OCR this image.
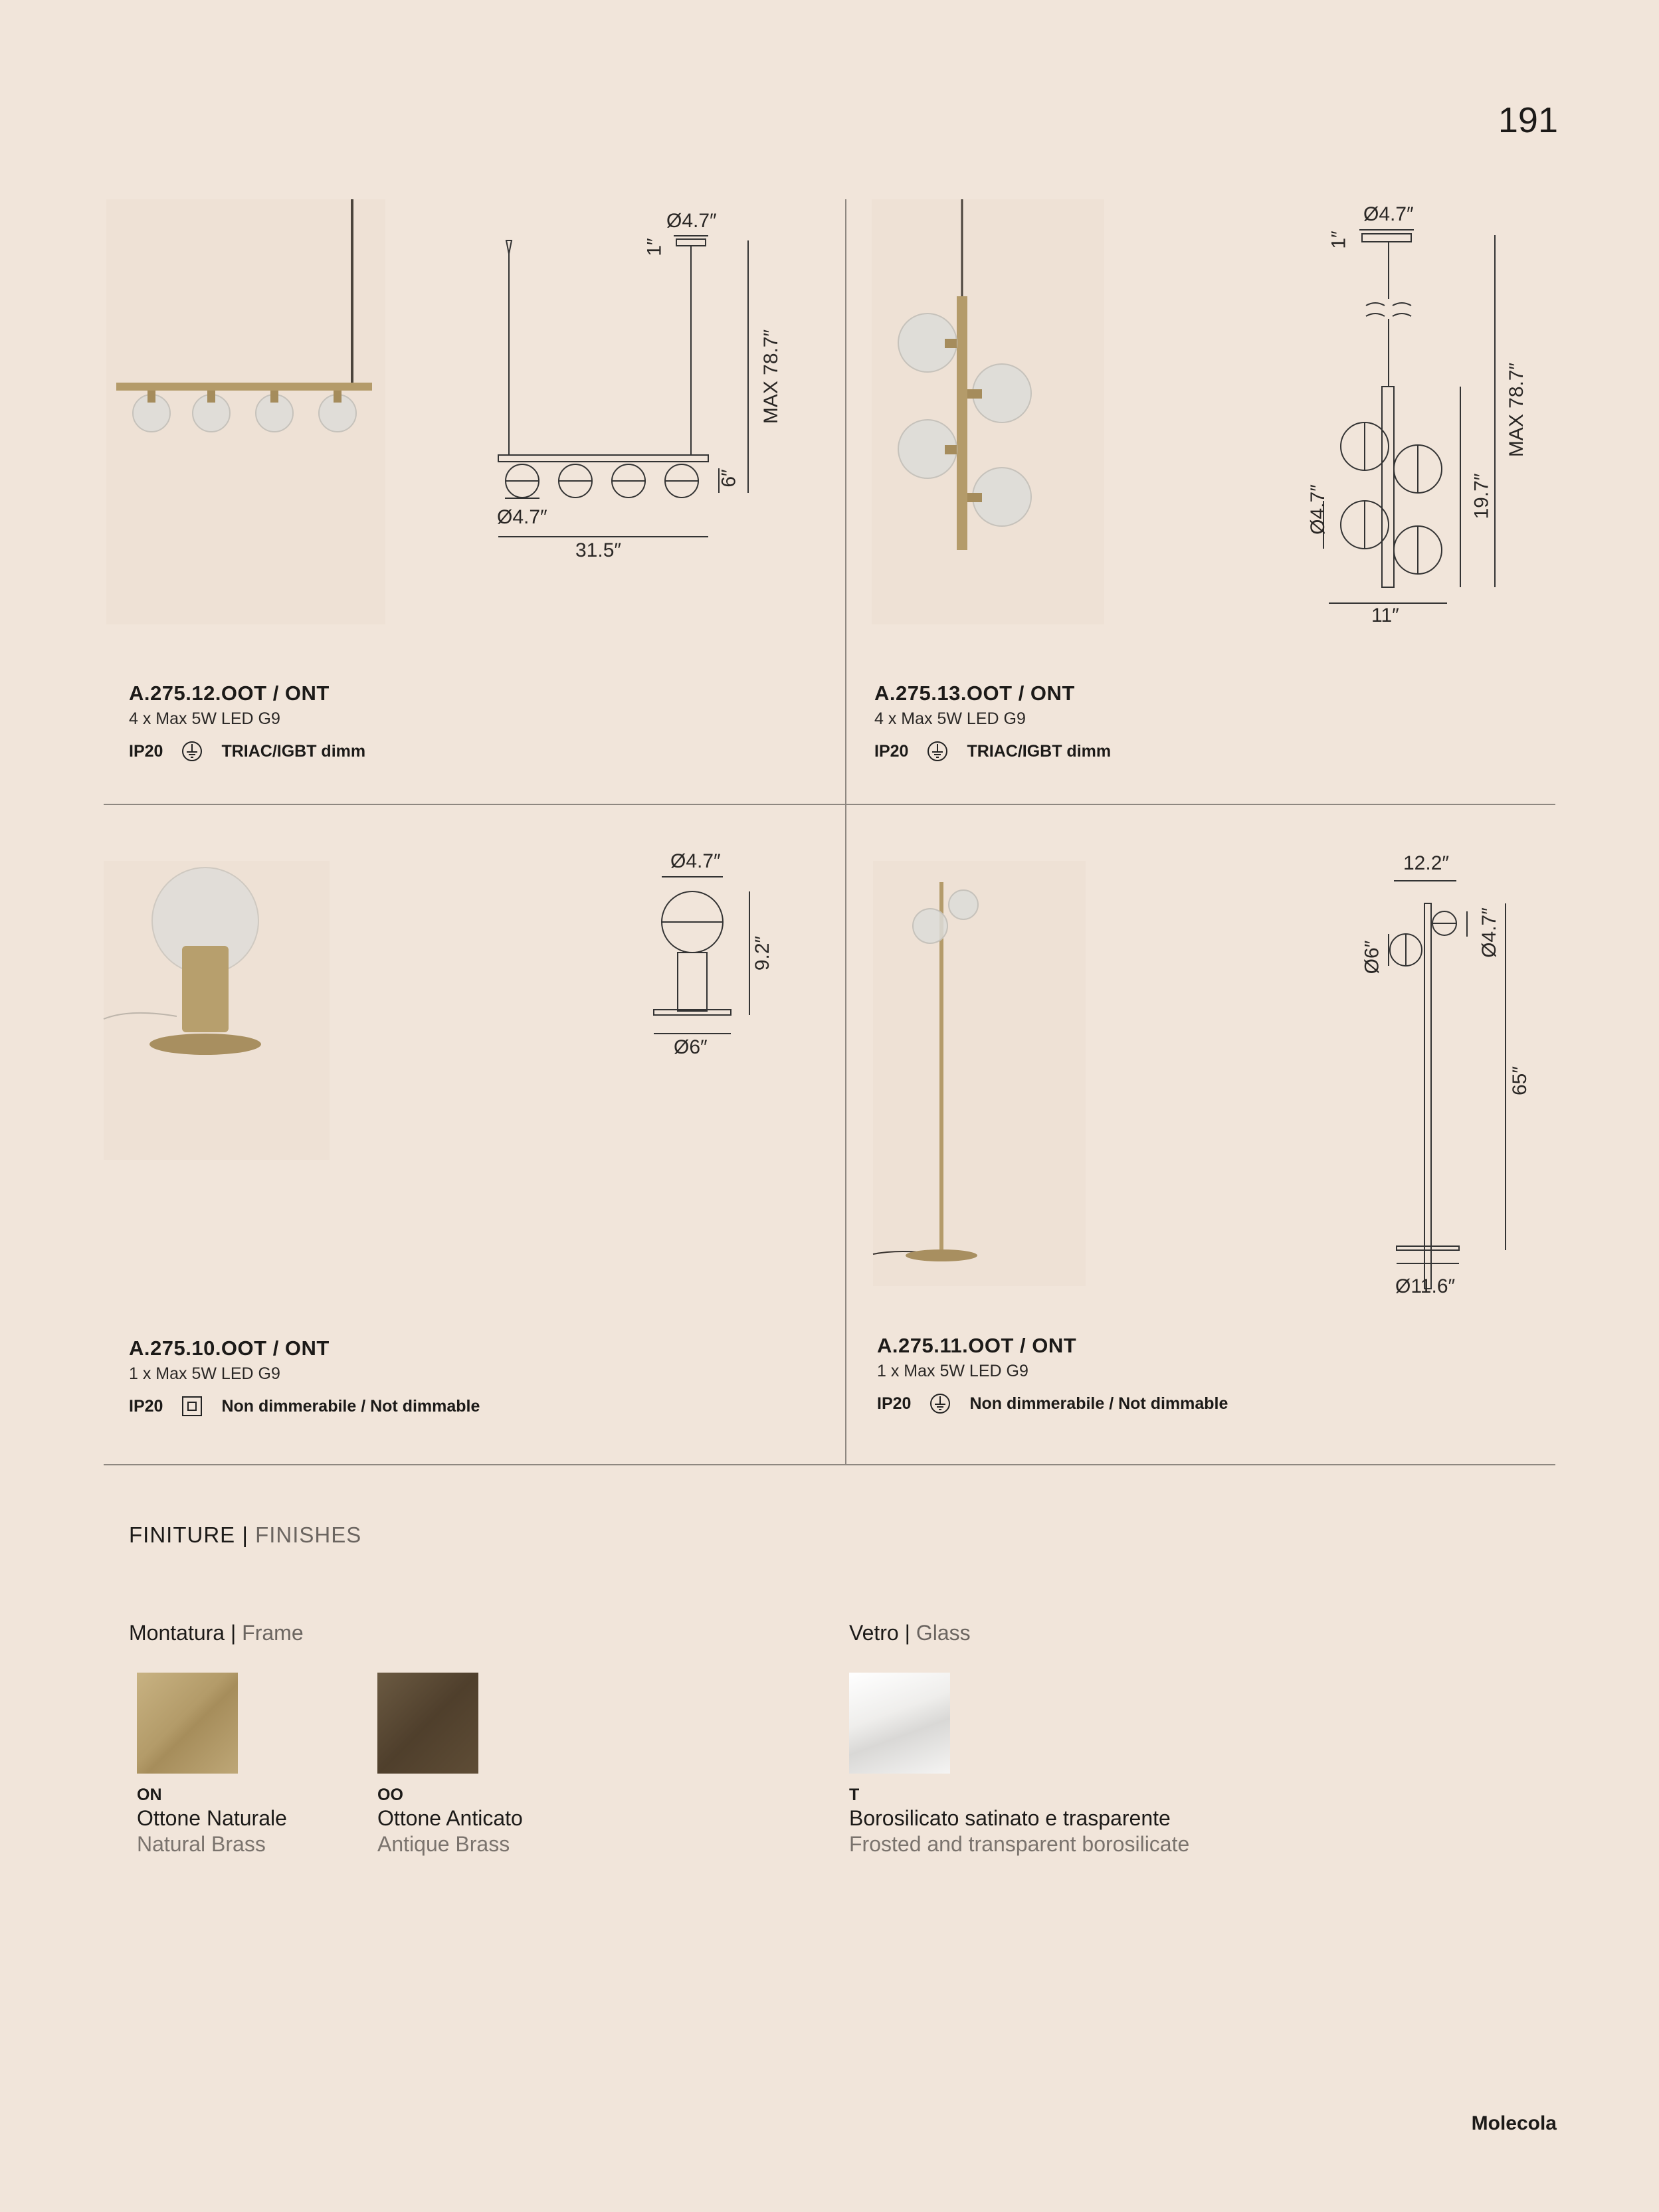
191
Ø4.7″
1″
MAX 78.7″
6″
Ø4.7″
31.5″
A.275.12.OOT / ONT
4 x Max 5W LED G9
IP20	TRIAC/IGBT dimm
Ø4.7″
1″
MAX 78.7″
19.7″
Ø4.7″
11″
A.275.13.OOT / ONT
4 x Max 5W LED G9
IP20	TRIAC/IGBT dimm
Ø4.7″
9.2″
Ø6″
A.275.10.OOT / ONT
1 x Max 5W LED G9
IP20	Non dimmerabile / Not dimmable
12.2″
Ø6″	Ø4.7″
65″
Ø11.6″
A.275.11.OOT / ONT
1 x Max 5W LED G9
IP20	Non dimmerabile / Not dimmable
FINITURE | FINISHES
Montatura | Frame	Vetro | Glass
ON
Ottone Naturale
Natural Brass
OO
Ottone Anticato
Antique Brass
T
Borosilicato satinato e trasparente
Frosted and transparent borosilicate
Molecola
